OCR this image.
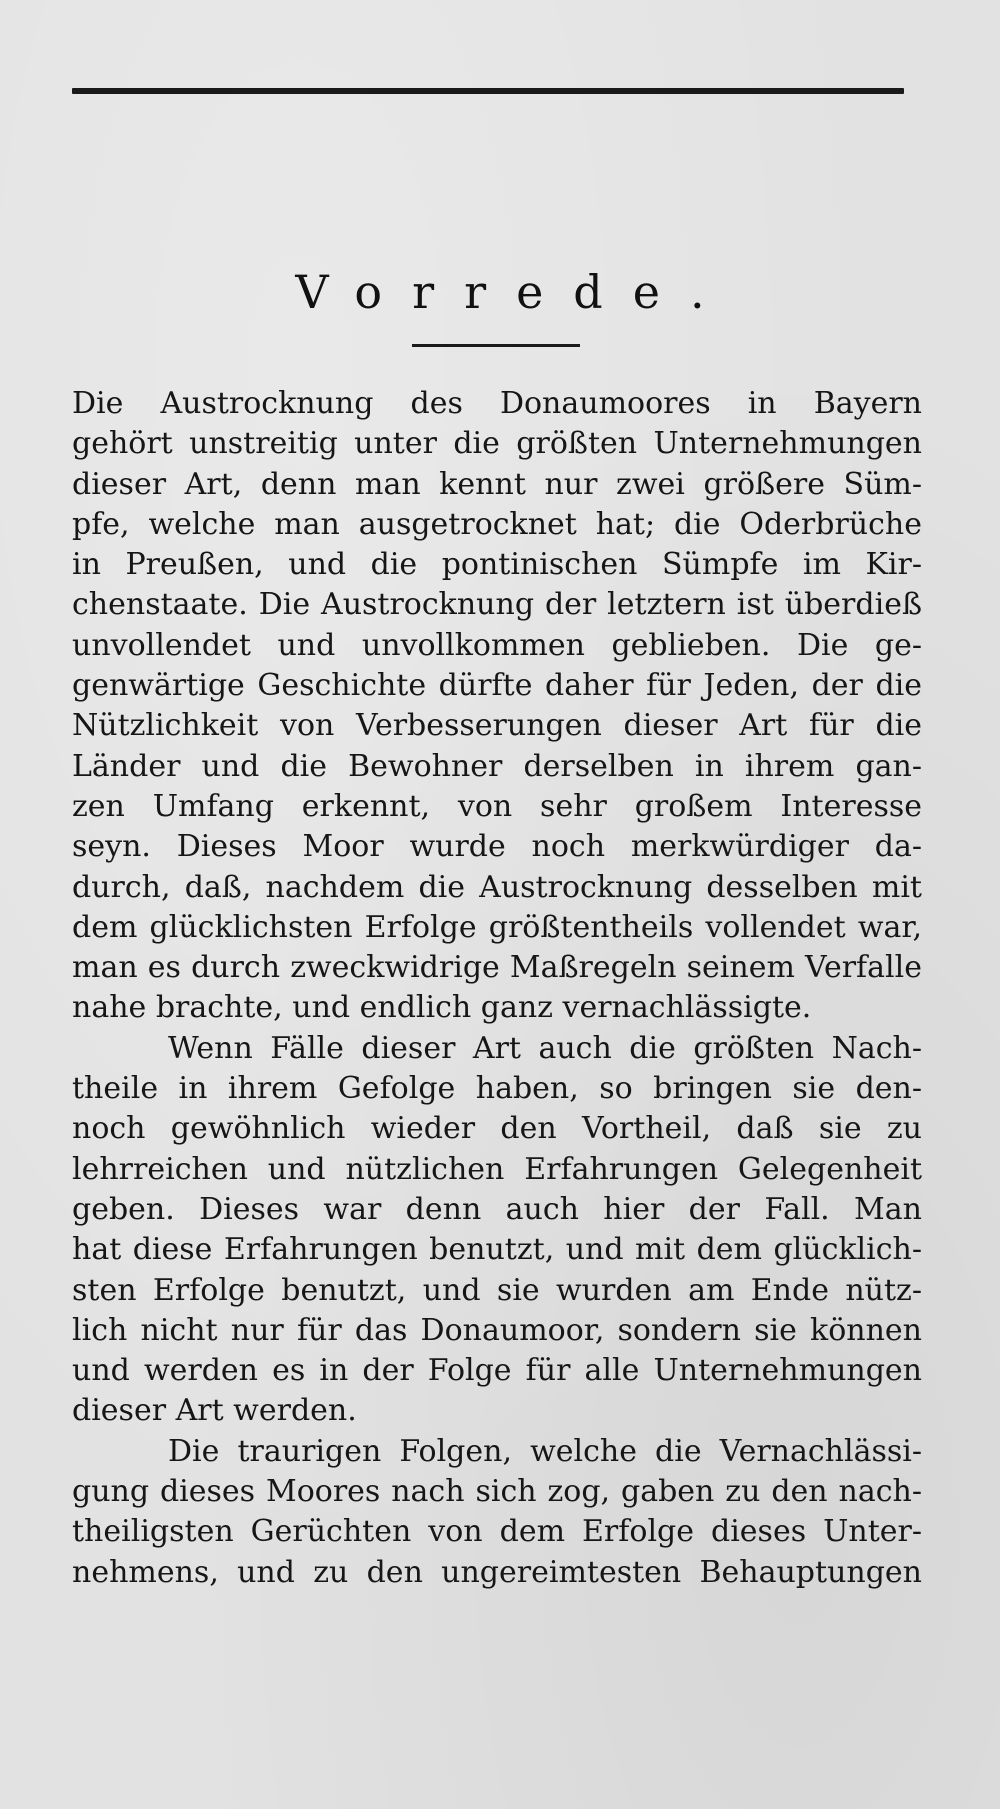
Vorrede.
Die Austrocknung des Donaumoores in Bayern
gehört unstreitig unter die größten Unternehmungen
dieser Art, denn man kennt nur zwei größere Süm-
pfe, welche man ausgetrocknet hat; die Oderbrüche
in Preußen, und die pontinischen Sümpfe im Kir-
chenstaate. Die Austrocknung der letztern ist überdieß
unvollendet und unvollkommen geblieben. Die ge-
genwärtige Geschichte dürfte daher für Jeden, der die
Nützlichkeit von Verbesserungen dieser Art für die
Länder und die Bewohner derselben in ihrem gan-
zen Umfang erkennt, von sehr großem Interesse
seyn. Dieses Moor wurde noch merkwürdiger da-
durch, daß, nachdem die Austrocknung desselben mit
dem glücklichsten Erfolge größtentheils vollendet war,
man es durch zweckwidrige Maßregeln seinem Verfalle
nahe brachte, und endlich ganz vernachlässigte.
Wenn Fälle dieser Art auch die größten Nach-
theile in ihrem Gefolge haben, so bringen sie den-
noch gewöhnlich wieder den Vortheil, daß sie zu
lehrreichen und nützlichen Erfahrungen Gelegenheit
geben. Dieses war denn auch hier der Fall. Man
hat diese Erfahrungen benutzt, und mit dem glücklich-
sten Erfolge benutzt, und sie wurden am Ende nütz-
lich nicht nur für das Donaumoor, sondern sie können
und werden es in der Folge für alle Unternehmungen
dieser Art werden.
Die traurigen Folgen, welche die Vernachlässi-
gung dieses Moores nach sich zog, gaben zu den nach-
theiligsten Gerüchten von dem Erfolge dieses Unter-
nehmens, und zu den ungereimtesten Behauptungen
